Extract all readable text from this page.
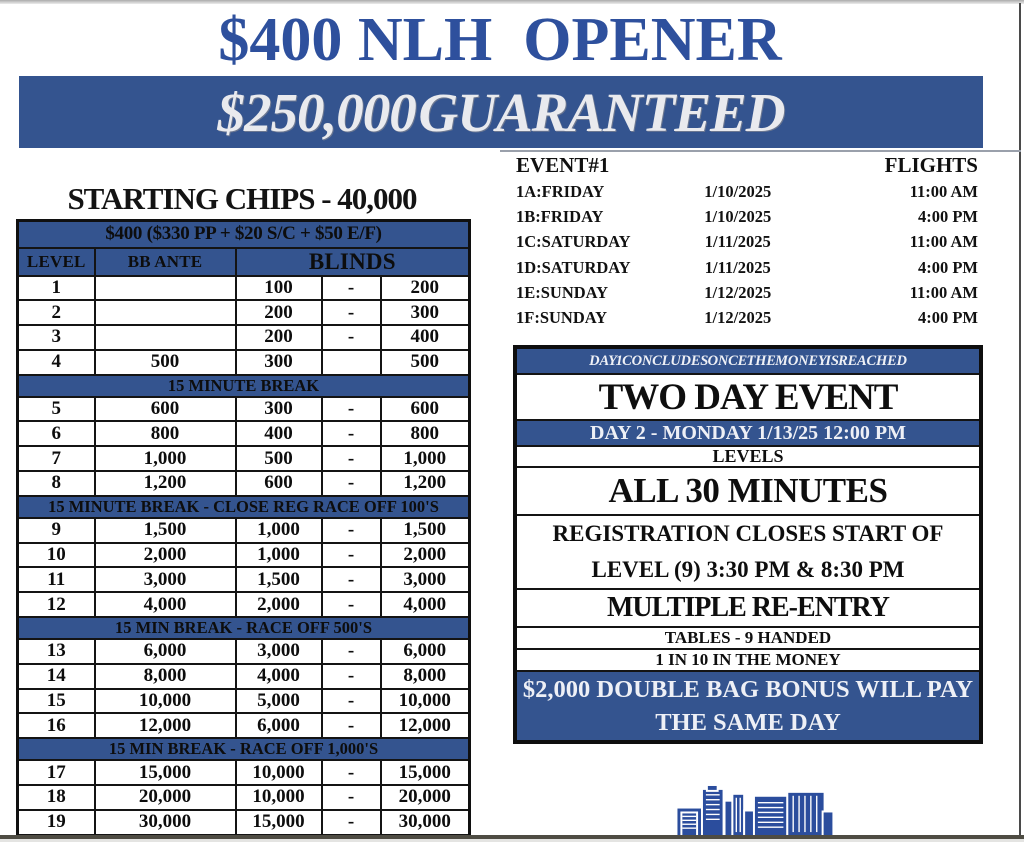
$400 NLH  OPENER
$250,000 GUARANTEED
STARTING CHIPS - 40,000
$400 ($330 PP + $20 S/C + $50 E/F)				
LEVEL	BB ANTE	BLINDS		
1		100	-	200
2		200	-	300
3		200	-	400
4	500	300		500
15 MINUTE BREAK				
5	600	300	-	600
6	800	400	-	800
7	1,000	500	-	1,000
8	1,200	600	-	1,200
15 MINUTE BREAK - CLOSE REG RACE OFF 100'S				
9	1,500	1,000	-	1,500
10	2,000	1,000	-	2,000
11	3,000	1,500	-	3,000
12	4,000	2,000	-	4,000
15 MIN BREAK - RACE OFF 500'S				
13	6,000	3,000	-	6,000
14	8,000	4,000	-	8,000
15	10,000	5,000	-	10,000
16	12,000	6,000	-	12,000
15 MIN BREAK - RACE OFF 1,000'S				
17	15,000	10,000	-	15,000
18	20,000	10,000	-	20,000
19	30,000	15,000	-	30,000

EVENT#1	FLIGHTS
1A:FRIDAY	1/10/2025	11:00 AM
1B:FRIDAY	1/10/2025	4:00 PM
1C:SATURDAY	1/11/2025	11:00 AM
1D:SATURDAY	1/11/2025	4:00 PM
1E:SUNDAY	1/12/2025	11:00 AM
1F:SUNDAY	1/12/2025	4:00 PM
DAY 1 CONCLUDES ONCE THE MONEY IS REACHED
TWO DAY EVENT
DAY 2 - MONDAY 1/13/25 12:00 PM
LEVELS
ALL 30 MINUTES
REGISTRATION CLOSES START OF
LEVEL (9) 3:30 PM & 8:30 PM
MULTIPLE RE-ENTRY
TABLES - 9 HANDED
1 IN 10 IN THE MONEY
$2,000 DOUBLE BAG BONUS WILL PAY
THE SAME DAY
